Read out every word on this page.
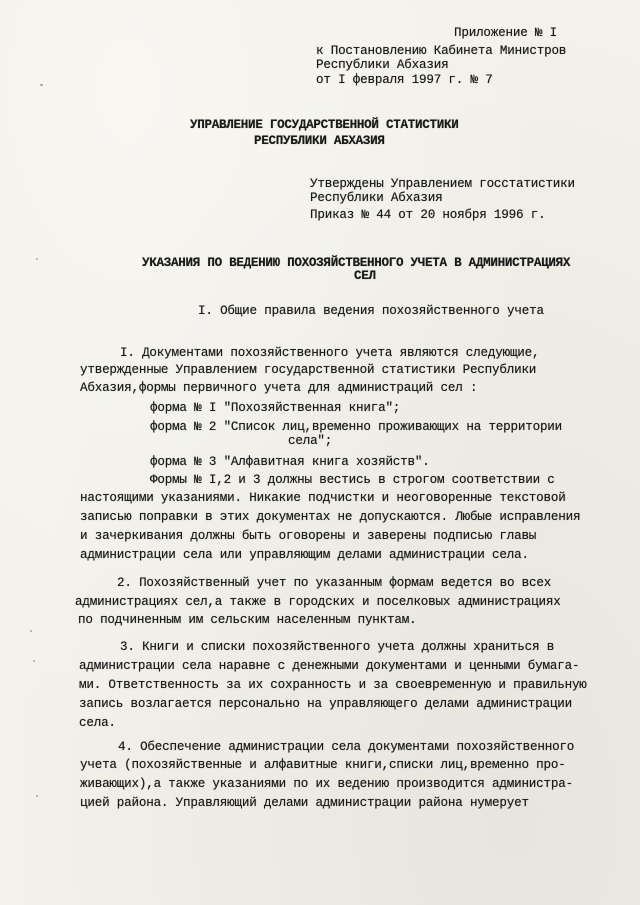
Приложение № I
к Постановлению Кабинета Министров
Республики Абхазия
от I февраля 1997 г. № 7
УПРАВЛЕНИЕ ГОСУДАРСТВЕННОЙ СТАТИСТИКИ
РЕСПУБЛИКИ АБХАЗИЯ
Утверждены Управлением госстатистики
Республики Абхазия
Приказ № 44 от 20 ноября 1996 г.
УКАЗАНИЯ ПО ВЕДЕНИЮ ПОХОЗЯЙСТВЕННОГО УЧЕТА В АДМИНИСТРАЦИЯХ
СЕЛ
I. Общие правила ведения похозяйственного учета
I. Документами похозяйственного учета являются следующие,
утвержденные Управлением государственной статистики Республики
Абхазия,формы первичного учета для администраций сел :
форма № I "Похозяйственная книга";
форма № 2 "Список лиц,временно проживающих на территории
села";
форма № 3 "Алфавитная книга хозяйств".
Формы № I,2 и 3 должны вестись в строгом соответствии с
настоящими указаниями. Никакие подчистки и неоговоренные текстовой
записью поправки в этих документах не допускаются. Любые исправления
и зачеркивания должны быть оговорены и заверены подписью главы
администрации села или управляющим делами администрации села.
2. Похозяйственный учет по указанным формам ведется во всех
администрациях сел,а также в городских и поселковых администрациях
по подчиненным им сельским населенным пунктам.
3. Книги и списки похозяйственного учета должны храниться в
администрации села наравне с денежными документами и ценными бумага-
ми. Ответственность за их сохранность и за своевременную и правильную
запись возлагается персонально на управляющего делами администрации
села.
4. Обеспечение администрации села документами похозяйственного
учета (похозяйственные и алфавитные книги,списки лиц,временно про-
живающих),а также указаниями по их ведению производится администра-
цией района. Управляющий делами администрации района нумерует
